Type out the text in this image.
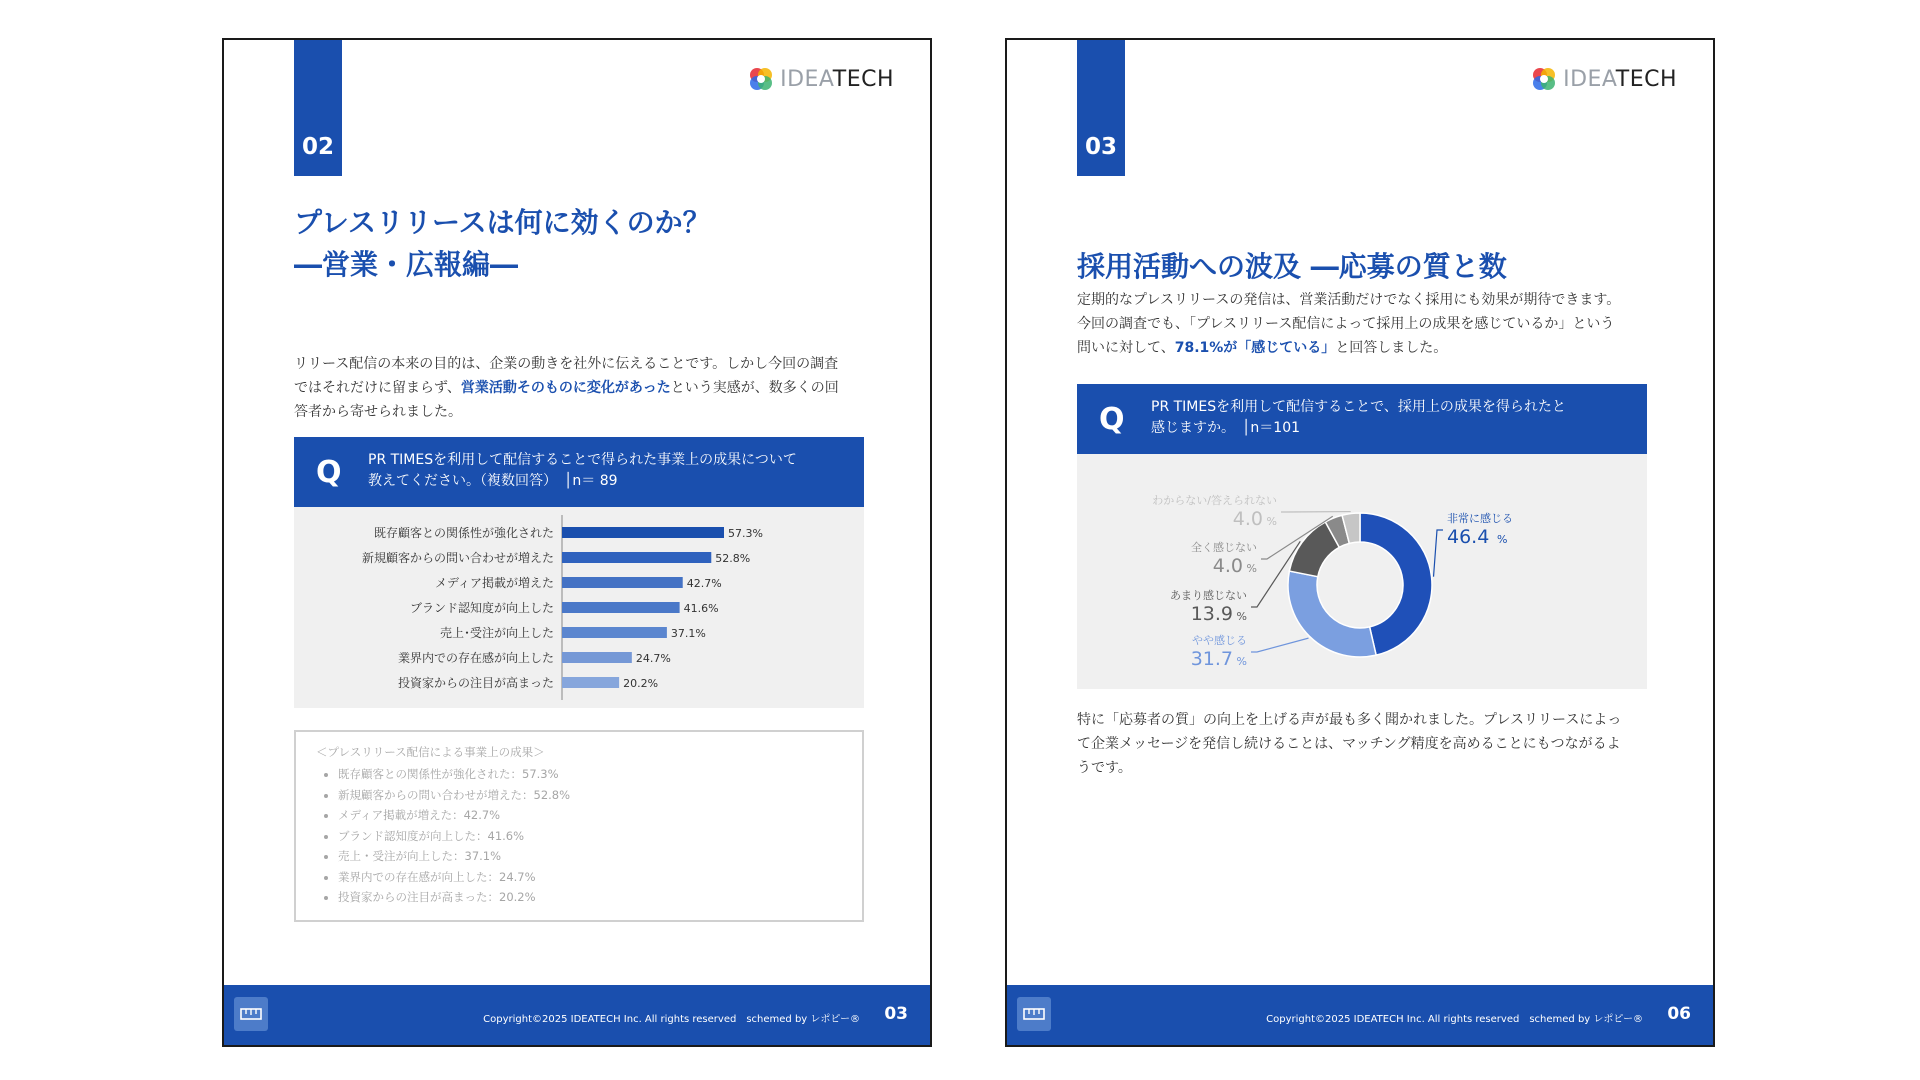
02
IDEATECH
プレスリリースは何に効くのか？
―営業・広報編―
リリース配信の本来の目的は、企業の動きを社外に伝えることです。しかし今回の調査
ではそれだけに留まらず、営業活動そのものに変化があったという実感が、数多くの回
答者から寄せられました。
Q PR TIMESを利用して配信することで得られた事業上の成果について
教えてください。（複数回答）　│n＝ 89
既存顧客との関係性が強化された	57.3%
新規顧客からの問い合わせが増えた	52.8%
メディア掲載が増えた	42.7%
ブランド認知度が向上した	41.6%
売上･受注が向上した	37.1%
業界内での存在感が向上した	24.7%
投資家からの注目が高まった	20.2%
＜プレスリリース配信による事業上の成果＞
• 既存顧客との関係性が強化された：57.3%
• 新規顧客からの問い合わせが増えた：52.8%
• メディア掲載が増えた：42.7%
• ブランド認知度が向上した：41.6%
• 売上・受注が向上した：37.1%
• 業界内での存在感が向上した：24.7%
• 投資家からの注目が高まった：20.2%
Copyright©2025 IDEATECH Inc. All rights reserved　schemed by レポピー® 03
03
IDEATECH
採用活動への波及 ―応募の質と数
定期的なプレスリリースの発信は、営業活動だけでなく採用にも効果が期待できます。
今回の調査でも、「プレスリリース配信によって採用上の成果を感じているか」という
問いに対して、78.1%が「感じている」と回答しました。
Q PR TIMESを利用して配信することで、採用上の成果を得られたと
感じますか。　│n＝101
非常に感じる
46.4 %
やや感じる
31.7 %
あまり感じない
13.9 %
全く感じない
4.0 %
わからない/答えられない
4.0 %
特に「応募者の質」の向上を上げる声が最も多く聞かれました。プレスリリースによっ
て企業メッセージを発信し続けることは、マッチング精度を高めることにもつながるよ
うです。
Copyright©2025 IDEATECH Inc. All rights reserved　schemed by レポピー® 06
